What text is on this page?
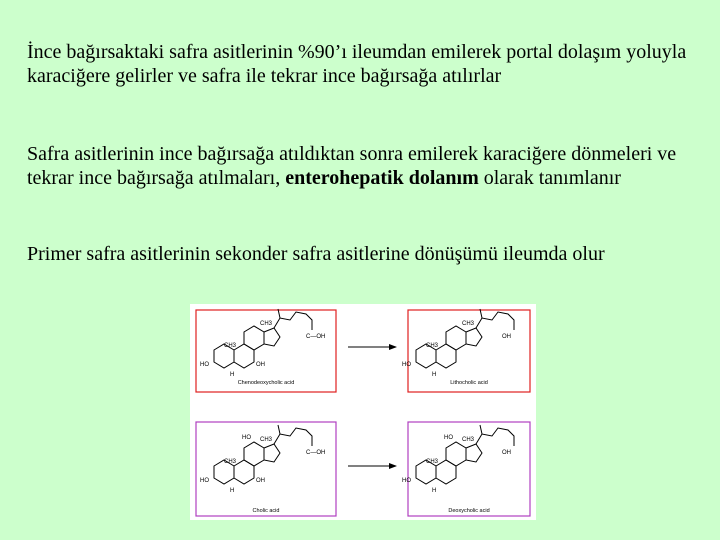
İnce bağırsaktaki safra asitlerinin %90’ı ileumdan emilerek portal dolaşım yoluyla karaciğere gelirler ve safra ile tekrar ince bağırsağa atılırlar

Safra asitlerinin ince bağırsağa atıldıktan sonra emilerek karaciğere dönmeleri ve tekrar ince bağırsağa atılmaları, enterohepatik dolanım olarak tanımlanır

Primer safra asitlerinin sekonder safra asitlerine dönüşümü ileumda olur

CH3
CH3
C—OH
HO	OH
H
Chenodeoxycholic acid
CH3
CH3
OH
HO
H
Lithocholic acid
CH3
CH3
HO
C—OH
HO	OH
H
Cholic acid
CH3
CH3
HO
OH
HO
H
Deoxycholic acid
